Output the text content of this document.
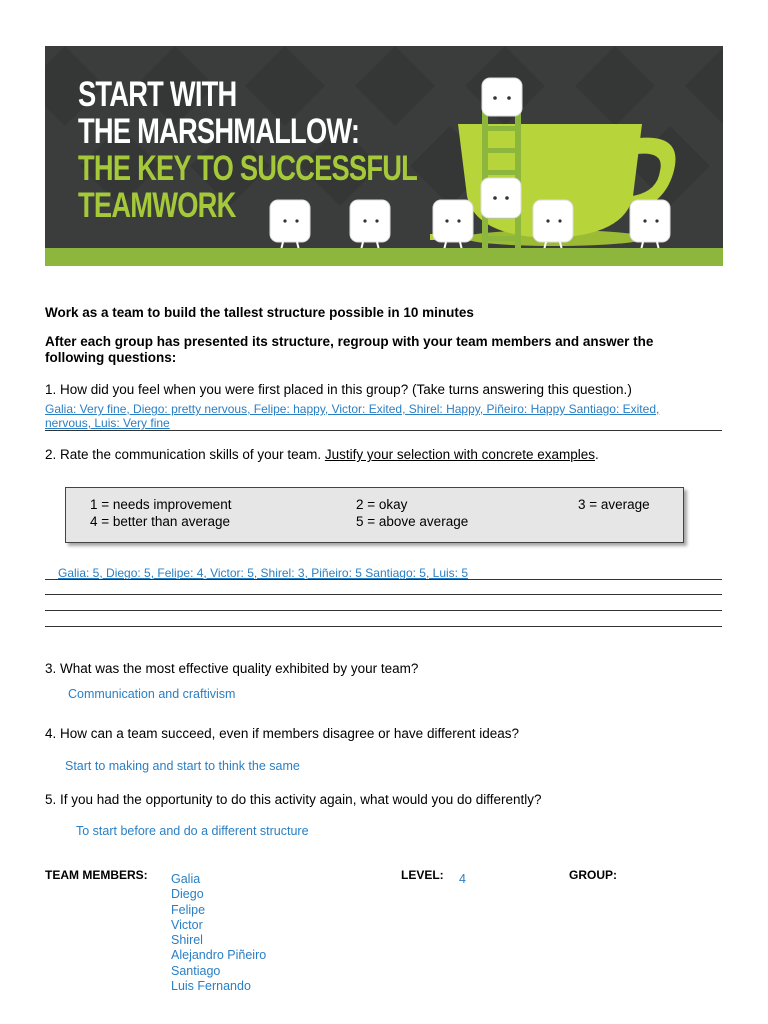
START WITH
THE MARSHMALLOW:
THE KEY TO SUCCESSFUL
TEAMWORK
Work as a team to build the tallest structure possible in 10 minutes
After each group has presented its structure, regroup with your team members and answer the
following questions:
1. How did you feel when you were first placed in this group? (Take turns answering this question.)
Galia: Very fine, Diego: pretty nervous, Felipe: happy, Victor: Exited, Shirel: Happy, Piñeiro: Happy Santiago: Exited,
nervous, Luis: Very fine
2. Rate the communication skills of your team. Justify your selection with concrete examples.
1 = needs improvement	2 = okay	3 = average
4 = better than average	5 = above average
Galia: 5, Diego: 5, Felipe: 4, Victor: 5, Shirel: 3, Piñeiro: 5 Santiago: 5, Luis: 5
3. What was the most effective quality exhibited by your team?
Communication and craftivism
4. How can a team succeed, even if members disagree or have different ideas?
Start to making and start to think the same
5. If you had the opportunity to do this activity again, what would you do differently?
To start before and do a different structure
TEAM MEMBERS: Galia
Diego
Felipe
Victor
Shirel
Alejandro Piñeiro
Santiago
Luis Fernando
LEVEL: 4	GROUP:
